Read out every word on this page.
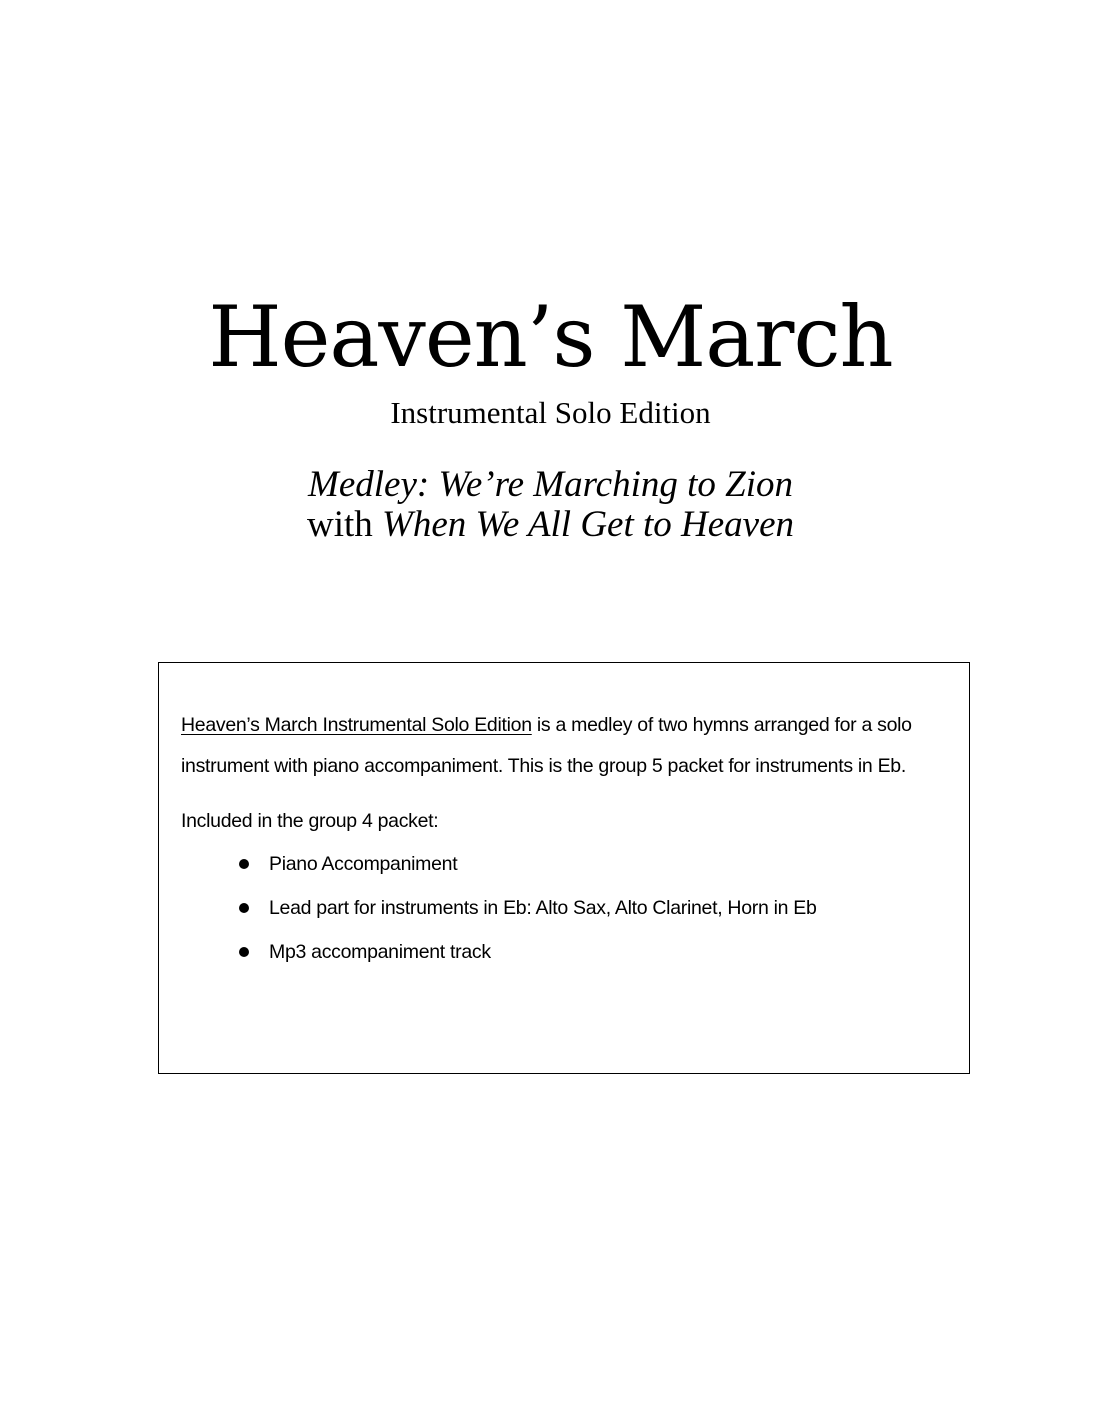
Heaven’s March
Instrumental Solo Edition
Medley: We’re Marching to Zion
with When We All Get to Heaven
Heaven’s March Instrumental Solo Edition is a medley of two hymns arranged for a solo instrument with piano accompaniment. This is the group 5 packet for instruments in Eb.
Included in the group 4 packet:
Piano Accompaniment
Lead part for instruments in Eb: Alto Sax, Alto Clarinet, Horn in Eb
Mp3 accompaniment track
